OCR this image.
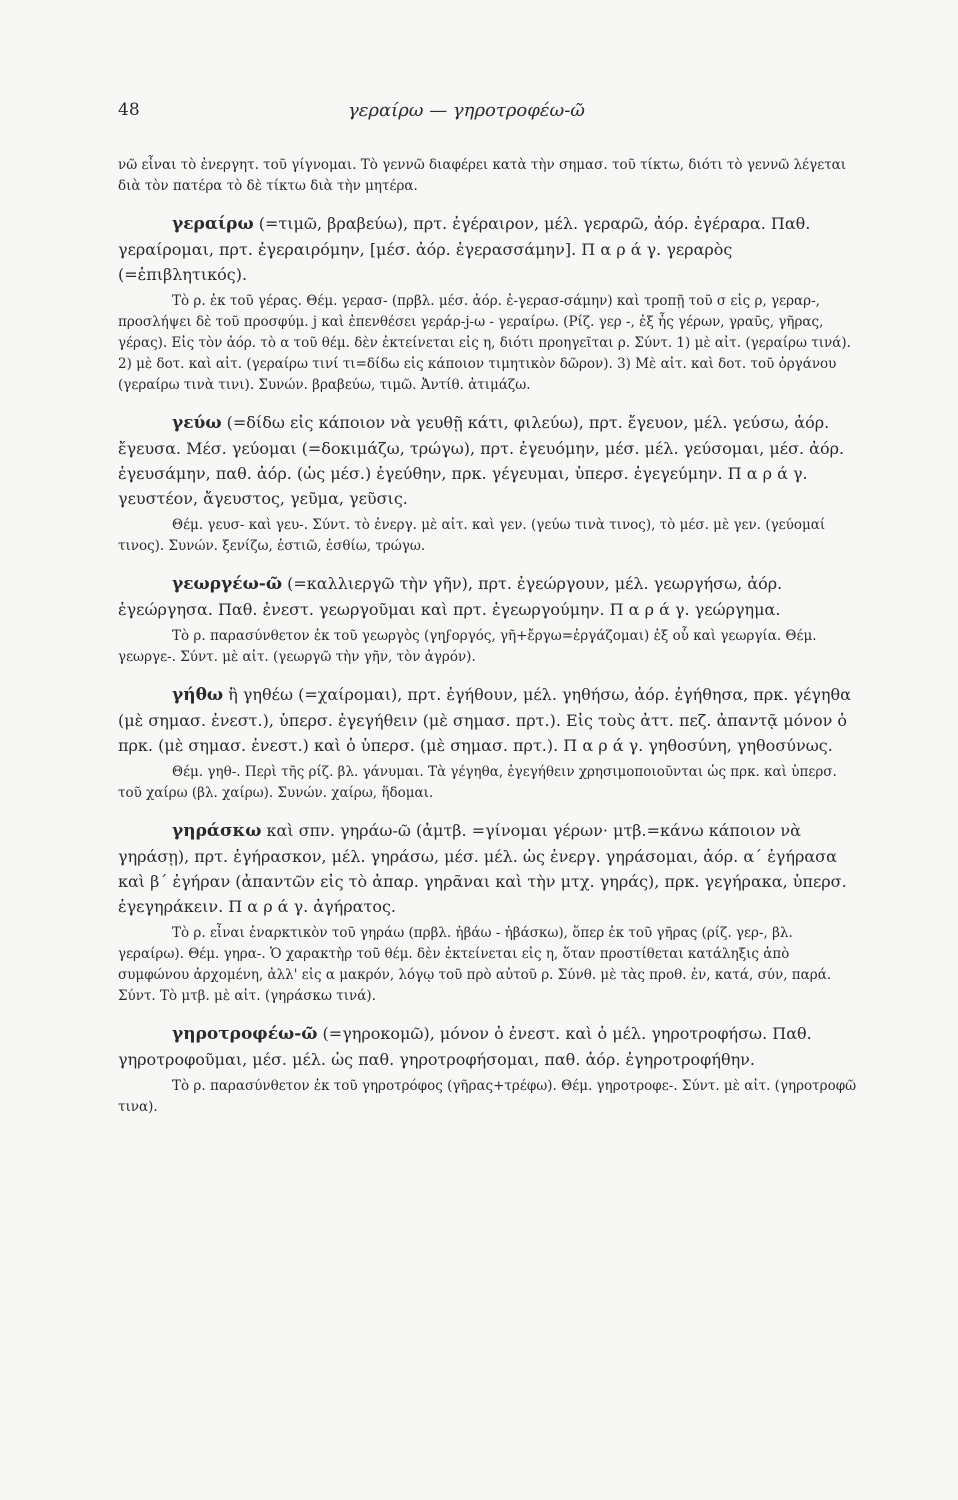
48	γεραίρω — γηροτροφέω-ῶ

νῶ εἶναι τὸ ἐνεργητ. τοῦ γίγνομαι. Τὸ γεννῶ διαφέρει κατὰ τὴν σημασ. τοῦ τίκτω, διότι τὸ γεννῶ λέγεται διὰ τὸν πατέρα τὸ δὲ τίκτω διὰ τὴν μητέρα.

γεραίρω (=τιμῶ, βραβεύω), πρτ. ἐγέραιρον, μέλ. γεραρῶ, ἀόρ. ἐγέραρα. Παθ. γεραίρομαι, πρτ. ἐγεραιρόμην, [μέσ. ἀόρ. ἐγερασσάμην]. Π α ρ ά γ. γεραρὸς (=ἐπιβλητικός).

Τὸ ρ. ἐκ τοῦ γέρας. Θέμ. γερασ- (πρβλ. μέσ. ἀόρ. ἐ-γερασ-σάμην) καὶ τροπῇ τοῦ σ εἰς ρ, γεραρ-, προσλήψει δὲ τοῦ προσφύμ. j καὶ ἐπενθέσει γεράρ-j-ω - γεραίρω. (Ρίζ. γερ -, ἐξ ἧς γέρων, γραῦς, γῆρας, γέρας). Εἰς τὸν ἀόρ. τὸ α τοῦ θέμ. δὲν ἐκτείνεται εἰς η, διότι προηγεῖται ρ. Σύντ. 1) μὲ αἰτ. (γεραίρω τινά). 2) μὲ δοτ. καὶ αἰτ. (γεραίρω τινί τι=δίδω εἰς κάποιον τιμητικὸν δῶρον). 3) Μὲ αἰτ. καὶ δοτ. τοῦ ὀργάνου (γεραίρω τινὰ τινι). Συνών. βραβεύω, τιμῶ. Ἀντίθ. ἀτιμάζω.

γεύω (=δίδω εἰς κάποιον νὰ γευθῇ κάτι, φιλεύω), πρτ. ἔγευον, μέλ. γεύσω, ἀόρ. ἔγευσα. Μέσ. γεύομαι (=δοκιμάζω, τρώγω), πρτ. ἐγευόμην, μέσ. μέλ. γεύσομαι, μέσ. ἀόρ. ἐγευσάμην, παθ. ἀόρ. (ὡς μέσ.) ἐγεύθην, πρκ. γέγευμαι, ὑπερσ. ἐγεγεύμην. Π α ρ ά γ. γευστέον, ἄγευστος, γεῦμα, γεῦσις.

Θέμ. γευσ- καὶ γευ-. Σύντ. τὸ ἐνεργ. μὲ αἰτ. καὶ γεν. (γεύω τινὰ τινος), τὸ μέσ. μὲ γεν. (γεύομαί τινος). Συνών. ξενίζω, ἑστιῶ, ἐσθίω, τρώγω.

γεωργέω-ῶ (=καλλιεργῶ τὴν γῆν), πρτ. ἐγεώργουν, μέλ. γεωργήσω, ἀόρ. ἐγεώργησα. Παθ. ἐνεστ. γεωργοῦμαι καὶ πρτ. ἐγεωργούμην. Π α ρ ά γ. γεώργημα.

Τὸ ρ. παρασύνθετον ἐκ τοῦ γεωργὸς (γηϝοργός, γῆ+ἔργω=ἐργάζομαι) ἐξ οὗ καὶ γεωργία. Θέμ. γεωργε-. Σύντ. μὲ αἰτ. (γεωργῶ τὴν γῆν, τὸν ἀγρόν).

γήθω ἢ γηθέω (=χαίρομαι), πρτ. ἐγήθουν, μέλ. γηθήσω, ἀόρ. ἐγήθησα, πρκ. γέγηθα (μὲ σημασ. ἐνεστ.), ὑπερσ. ἐγεγήθειν (μὲ σημασ. πρτ.). Εἰς τοὺς ἀττ. πεζ. ἀπαντᾷ μόνον ὁ πρκ. (μὲ σημασ. ἐνεστ.) καὶ ὁ ὑπερσ. (μὲ σημασ. πρτ.). Π α ρ ά γ. γηθοσύνη, γηθοσύνως.

Θέμ. γηθ-. Περὶ τῆς ρίζ. βλ. γάνυμαι. Τὰ γέγηθα, ἐγεγήθειν χρησιμοποιοῦνται ὡς πρκ. καὶ ὑπερσ. τοῦ χαίρω (βλ. χαίρω). Συνών. χαίρω, ἥδομαι.

γηράσκω καὶ σπν. γηράω-ῶ (ἀμτβ. =γίνομαι γέρων· μτβ.=κάνω κάποιον νὰ γηράσῃ), πρτ. ἐγήρασκον, μέλ. γηράσω, μέσ. μέλ. ὡς ἐνεργ. γηράσομαι, ἀόρ. α΄ ἐγήρασα καὶ β΄ ἐγήραν (ἀπαντῶν εἰς τὸ ἀπαρ. γηρᾶναι καὶ τὴν μτχ. γηράς), πρκ. γεγήρακα, ὑπερσ. ἐγεγηράκειν. Π α ρ ά γ. ἀγήρατος.

Τὸ ρ. εἶναι ἐναρκτικὸν τοῦ γηράω (πρβλ. ἡβάω - ἡβάσκω), ὅπερ ἐκ τοῦ γῆρας (ρίζ. γερ-, βλ. γεραίρω). Θέμ. γηρα-. Ὁ χαρακτὴρ τοῦ θέμ. δὲν ἐκτείνεται εἰς η, ὅταν προστίθεται κατάληξις ἀπὸ συμφώνου ἀρχομένη, ἀλλ' εἰς α μακρόν, λόγῳ τοῦ πρὸ αὐτοῦ ρ. Σύνθ. μὲ τὰς προθ. ἐν, κατά, σύν, παρά. Σύντ. Τὸ μτβ. μὲ αἰτ. (γηράσκω τινά).

γηροτροφέω-ῶ (=γηροκομῶ), μόνον ὁ ἐνεστ. καὶ ὁ μέλ. γηροτροφήσω. Παθ. γηροτροφοῦμαι, μέσ. μέλ. ὡς παθ. γηροτροφήσομαι, παθ. ἀόρ. ἐγηροτροφήθην.

Τὸ ρ. παρασύνθετον ἐκ τοῦ γηροτρόφος (γῆρας+τρέφω). Θέμ. γηροτροφε-. Σύντ. μὲ αἰτ. (γηροτροφῶ τινα).
